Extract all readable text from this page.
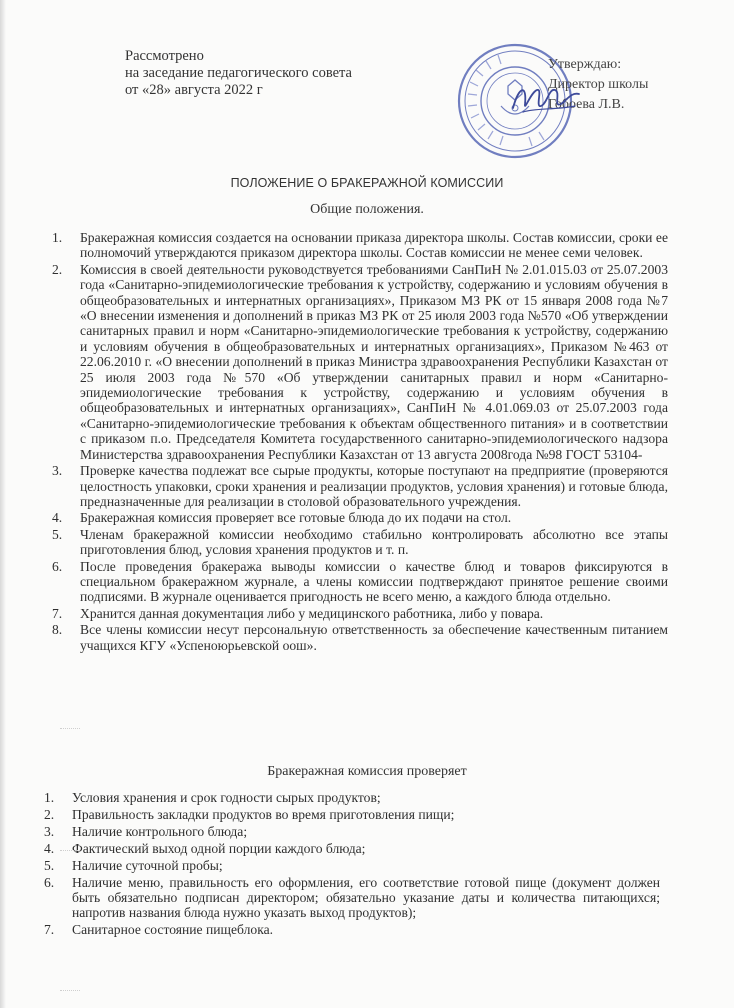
Рассмотрено
на заседание педагогического совета
от «28» августа 2022 г
Утверждаю:
Директор школы
Гобоева Л.В.
ПОЛОЖЕНИЕ О БРАКЕРАЖНОЙ КОМИССИИ
Общие положения.
1.	Бракеражная комиссия создается на основании приказа директора школы. Состав комиссии, сроки ее полномочий утверждаются приказом директора школы. Состав комиссии не менее семи человек.
2.	Комиссия в своей деятельности руководствуется требованиями СанПиН № 2.01.015.03 от 25.07.2003 года «Санитарно-эпидемиологические требования к устройству, содержанию и условиям обучения в общеобразовательных и интернатных организациях», Приказом МЗ РК от 15 января 2008 года №7 «О внесении изменения и дополнений в приказ МЗ РК от 25 июля 2003 года №570 «Об утверждении санитарных правил и норм «Санитарно-эпидемиологические требования к устройству, содержанию и условиям обучения в общеобразовательных и интернатных организациях», Приказом №463 от 22.06.2010 г. «О внесении дополнений в приказ Министра здравоохранения Республики Казахстан от 25 июля 2003 года №570 «Об утверждении санитарных правил и норм «Санитарно-эпидемиологические требования к устройству, содержанию и условиям обучения в общеобразовательных и интернатных организациях», СанПиН № 4.01.069.03 от 25.07.2003 года «Санитарно-эпидемиологические требования к объектам общественного питания» и в соответствии с приказом п.о. Председателя Комитета государственного санитарно-эпидемиологического надзора Министерства здравоохранения Республики Казахстан от 13 августа 2008года №98 ГОСТ 53104-
3.	Проверке качества подлежат все сырые продукты, которые поступают на предприятие (проверяются целостность упаковки, сроки хранения и реализации продуктов, условия хранения) и готовые блюда, предназначенные для реализации в столовой образовательного учреждения.
4.	Бракеражная комиссия проверяет все готовые блюда до их подачи на стол.
5.	Членам бракеражной комиссии необходимо стабильно контролировать абсолютно все этапы приготовления блюд, условия хранения продуктов и т. п.
6.	После проведения бракеража выводы комиссии о качестве блюд и товаров фиксируются в специальном бракеражном журнале, а члены комиссии подтверждают принятое решение своими подписями. В журнале оценивается пригодность не всего меню, а каждого блюда отдельно.
7.	Хранится данная документация либо у медицинского работника, либо у повара.
8.	Все члены комиссии несут персональную ответственность за обеспечение качественным питанием учащихся КГУ «Успеноюрьевской оош».
Бракеражная комиссия проверяет
1.	Условия хранения и срок годности сырых продуктов;
2.	Правильность закладки продуктов во время приготовления пищи;
3.	Наличие контрольного блюда;
4.	Фактический выход одной порции каждого блюда;
5.	Наличие суточной пробы;
6.	Наличие меню, правильность его оформления, его соответствие готовой пище (документ должен быть обязательно подписан директором; обязательно указание даты и количества питающихся; напротив названия блюда нужно указать выход продуктов);
7.	Санитарное состояние пищеблока.
